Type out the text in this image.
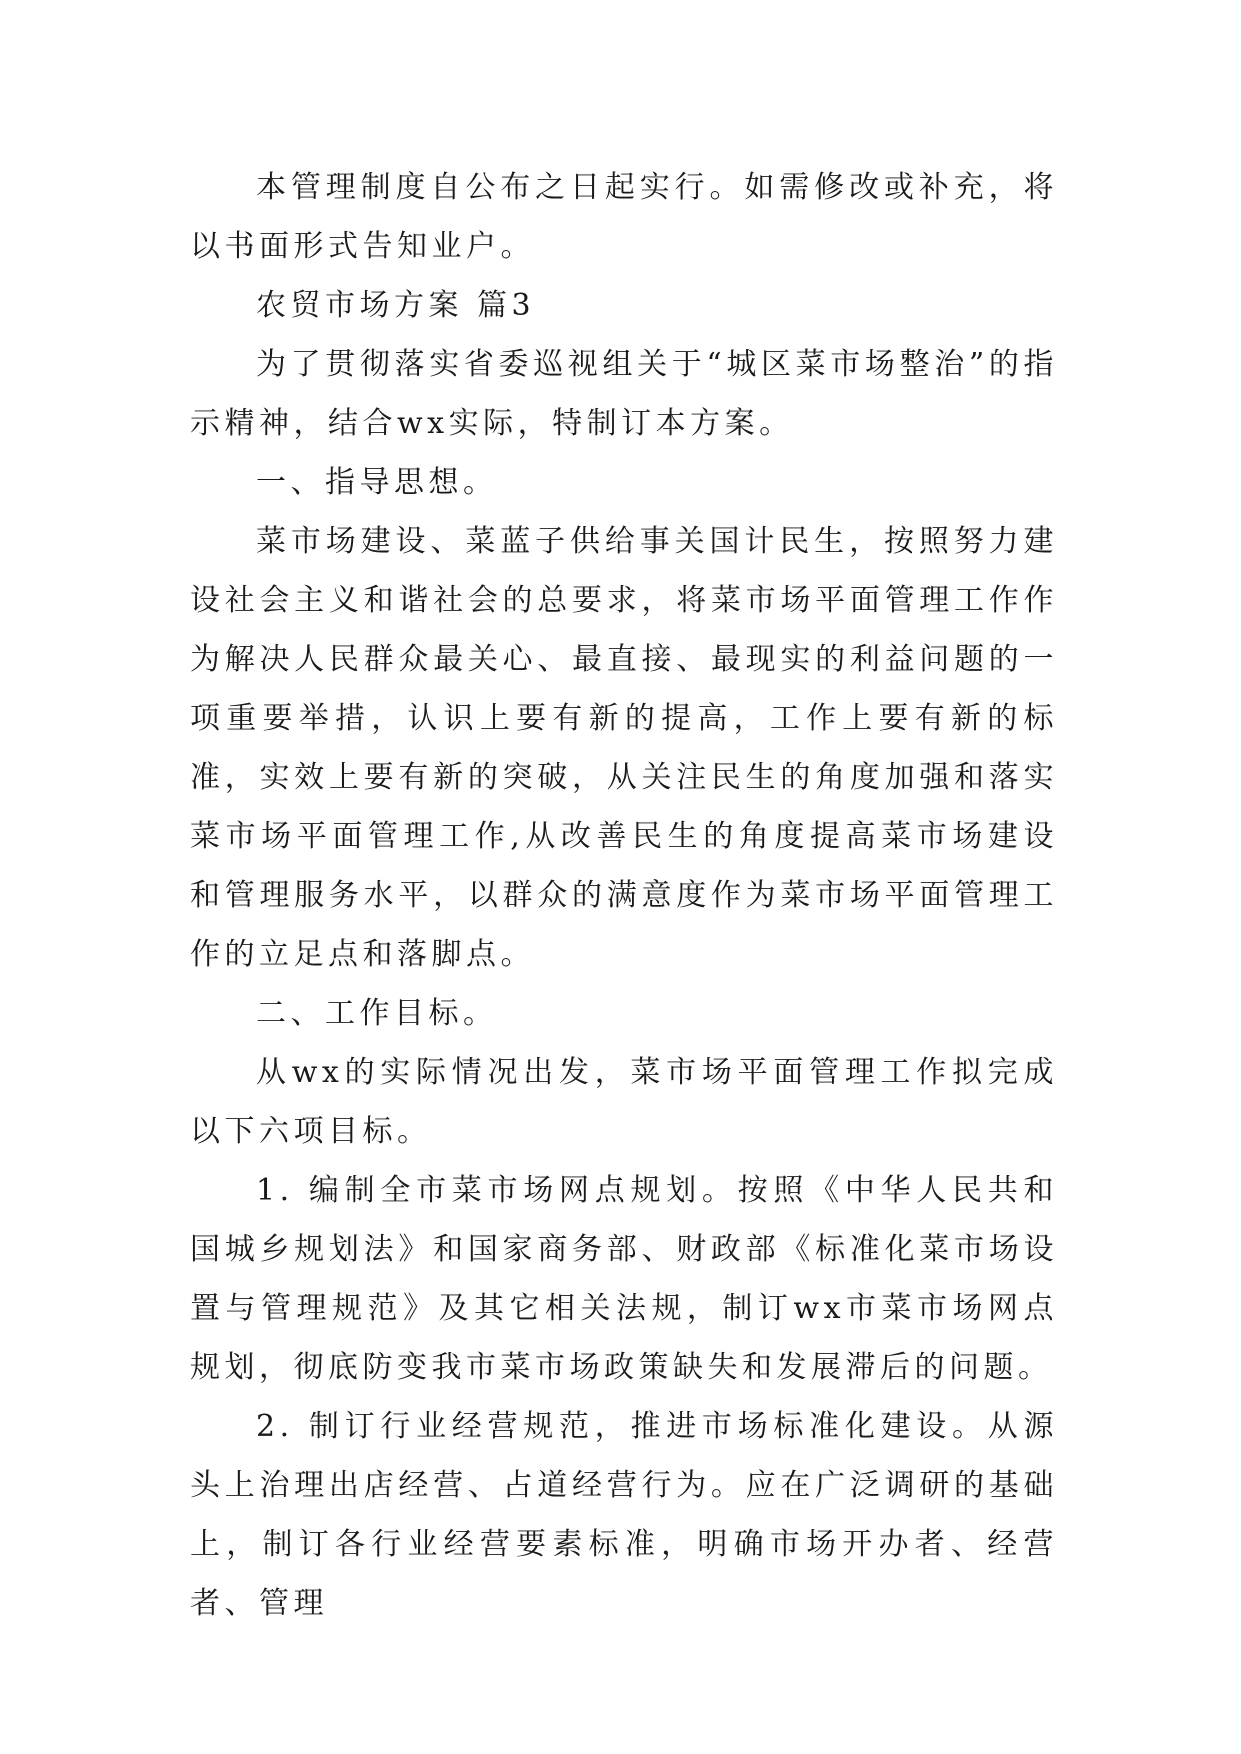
本管理制度自公布之日起实行。如需修改或补充，将以书面形式告知业户。

农贸市场方案 篇3

为了贯彻落实省委巡视组关于“城区菜市场整治”的指示精神，结合wx实际，特制订本方案。

一、指导思想。

菜市场建设、菜蓝子供给事关国计民生，按照努力建设社会主义和谐社会的总要求，将菜市场平面管理工作作为解决人民群众最关心、最直接、最现实的利益问题的一项重要举措，认识上要有新的提高，工作上要有新的标准，实效上要有新的突破，从关注民生的角度加强和落实菜市场平面管理工作,从改善民生的角度提高菜市场建设和管理服务水平，以群众的满意度作为菜市场平面管理工作的立足点和落脚点。

二、工作目标。

从wx的实际情况出发，菜市场平面管理工作拟完成以下六项目标。

1. 编制全市菜市场网点规划。按照《中华人民共和国城乡规划法》和国家商务部、财政部《标准化菜市场设置与管理规范》及其它相关法规，制订wx市菜市场网点规划，彻底防变我市菜市场政策缺失和发展滞后的问题。

2. 制订行业经营规范，推进市场标准化建设。从源头上治理出店经营、占道经营行为。应在广泛调研的基础上，制订各行业经营要素标准，明确市场开办者、经营者、管理
